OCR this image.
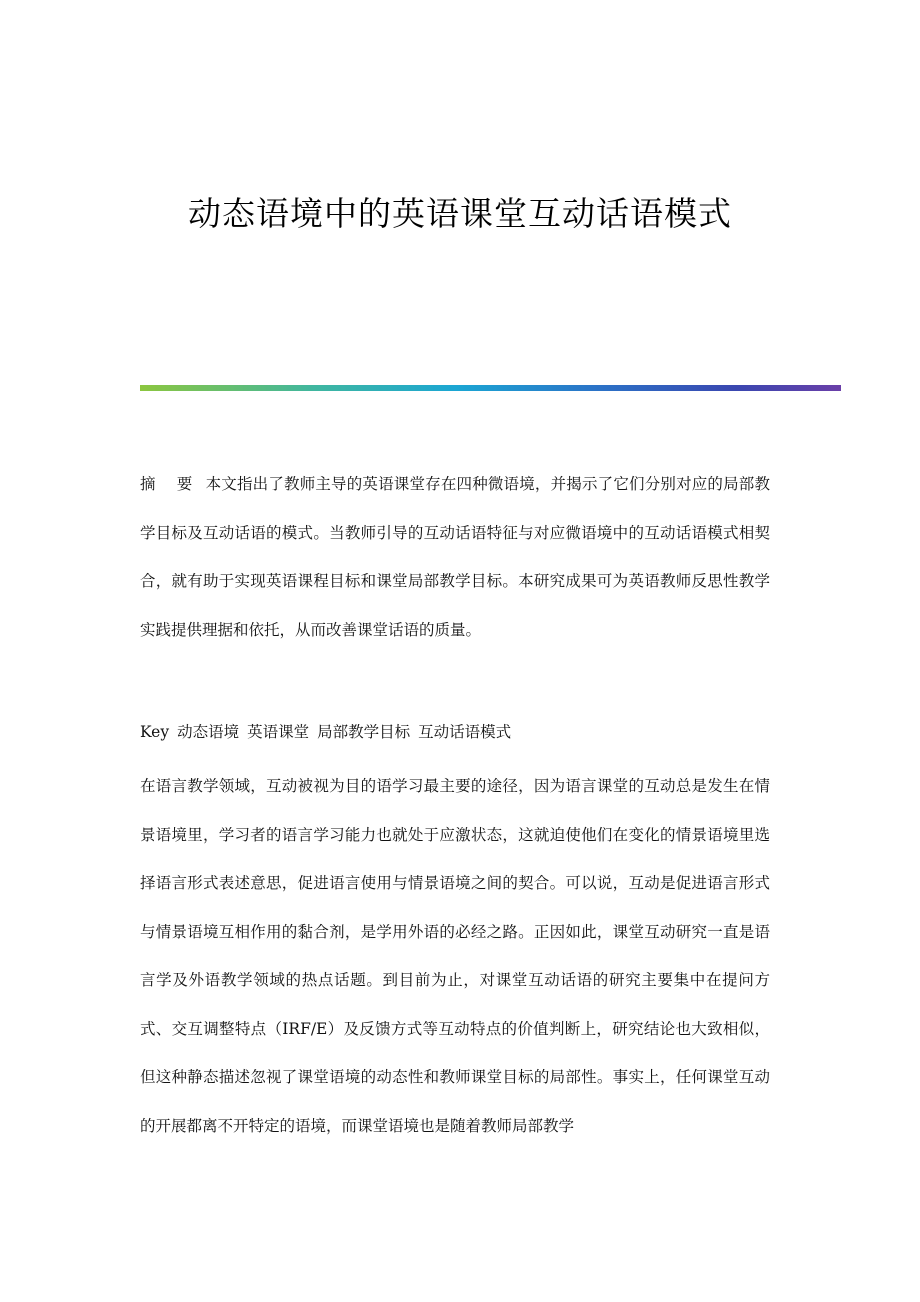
动态语境中的英语课堂互动话语模式

摘 要 本文指出了教师主导的英语课堂存在四种微语境，并揭示了它们分别对应的局部教学目标及互动话语的模式。当教师引导的互动话语特征与对应微语境中的互动话语模式相契合，就有助于实现英语课程目标和课堂局部教学目标。本研究成果可为英语教师反思性教学实践提供理据和依托，从而改善课堂话语的质量。

Key 动态语境 英语课堂 局部教学目标 互动话语模式

在语言教学领域，互动被视为目的语学习最主要的途径，因为语言课堂的互动总是发生在情景语境里，学习者的语言学习能力也就处于应激状态，这就迫使他们在变化的情景语境里选择语言形式表述意思，促进语言使用与情景语境之间的契合。可以说，互动是促进语言形式与情景语境互相作用的黏合剂，是学用外语的必经之路。正因如此，课堂互动研究一直是语言学及外语教学领域的热点话题。到目前为止，对课堂互动话语的研究主要集中在提问方式、交互调整特点（IRF/E）及反馈方式等互动特点的价值判断上，研究结论也大致相似，但这种静态描述忽视了课堂语境的动态性和教师课堂目标的局部性。事实上，任何课堂互动的开展都离不开特定的语境，而课堂语境也是随着教师局部教学
